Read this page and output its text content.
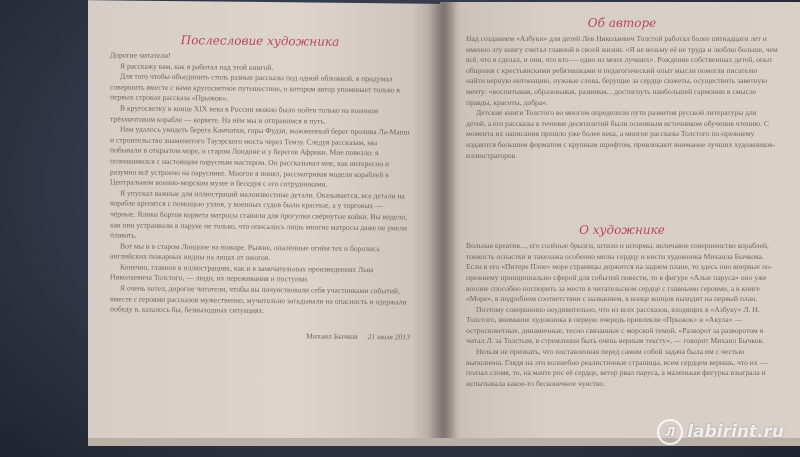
Послесловие художника

Дорогие читатели!

Я расскажу вам, как я работал над этой книгой.

Для того чтобы объединить столь разные рассказы под одной обложкой, я придумал совершить вместе с вами кругосветное путешествие, о котором автор упоминает только в первых строках рассказа «Прыжок».

В кругосветку в конце XIX века в России можно было пойти только на военном трёхмачтовом корабле — корвете. На нём мы и отправимся в путь.

Нам удалось увидеть берега Камчатки, горы Фудзи, выжженный берег пролива Ла-Манш и строительство знаменитого Тауэрского моста через Темзу. Следуя рассказам, мы побывали в открытом море, и старом Лондоне и у берегов Африки. Мне повезло: я познакомился с настоящим парусным мастером. Он рассказывал мне, как интересно и разумно всё устроено на паруснике. Многое я понял, рассматривая модели кораблей в Центральном военно-морском музее и беседуя с его сотрудниками.

Я упускал важные для иллюстраций малоизвестные детали. Оказывается, все детали на корабле крепятся с помощью узлов, у военных судов были красные, а у торговых — чёрные. Ялики бортов корвета матросы ставили для прогулки свёрнутые койки. Вы видели, как они устраивали в паруке не только, что описались лишь многие матросы даже не умели плавать.

Вот мы и в старом Лондоне на пожаре. Рыжие, опалённые огнём тех и боролись английских пожарных видны на лицах от ожогов.

Конечно, главное в иллюстрациях, как и в замечательных произведениях Льва Николаевича Толстого, — люди, их переживания и поступки.

Я очень хотел, дорогие читатели, чтобы вы почувствовали себя участниками событий, вместе с героями рассказов мужественно, мучительно загадывали на опасность и одержали победу в, казалось бы, безвыходных ситуациях.

Михаил Бычков 21 июля 2013

Об авторе

Над созданием «Азбуки» для детей Лев Николаевич Толстой работал более пятнадцати лет и именно эту книгу считал главной в своей жизни. «Я не возьму её не труда и люблю больше, чем всё, что я сделал, и они, что кто — одно из моих лучших». Рождение собственных детей, опыт общения с крестьянскими ребятишками и педагогический опыт мысли помогли писателю найти верную интонацию, нужные слова, берущие за сердце сюжеты, осуществить заветную мечту: «воспитывая, образовывая, развивая... достигнуть наибольшей гармонии в смысле правды, красоты, добра».

Детские книги Толстого во многом определили пути развития русской литературы для детей, а его рассказы в течение десятилетий были основным источником обучения чтению. С момента их написания прошло уже более века, а многие рассказы Толстого по-прежнему издаются большим форматом с крупным шрифтом, привлекают внимание лучших художников-иллюстраторов.

О художнике

Вольная креатив..., его солёные брызги, штили и штормы, величавое совершенство кораблей, тонкость оснастки и такелажа особенно милы сердцу и кисти художника Михаила Бычкова. Если в его «Питере Пэне» море страницы держится на заднем плане, то здесь оно впервые по-прежнему принципиально сферой для событий повести, то в фигуре «Алые паруса» оно уже вполне способно поспорить за место в читательском сердце с главными героями, а в книге «Море», в подробном соответствии с названием, в конце концов выходит на первый план.

Поэтому совершенно неудивительно, что из всех рассказов, входящих в «Азбуку» Л. Н. Толстого, внимание художника в первую очередь привлекли «Прыжок» и «Акула» — остросюжетные, динамичные, тесно связанные с морской темой. «Разворот за разворотом я читал Л. за Толстым, в стремлении быть очень верным тексту», — говорит Михаил Бычков.

Нельзя не признать, что поставленная перед самим собой задача была им с честью выполнена. Глядя на эти волшебно реалистичные страницы, всем сердцем веришь, что их — ползал сломя, то, на мачте рос её сердце, ветер рвал паруса, а маленькая фигурка взыграла и испытывала какое-то бесконечное чувство.

Л labirint.ru
